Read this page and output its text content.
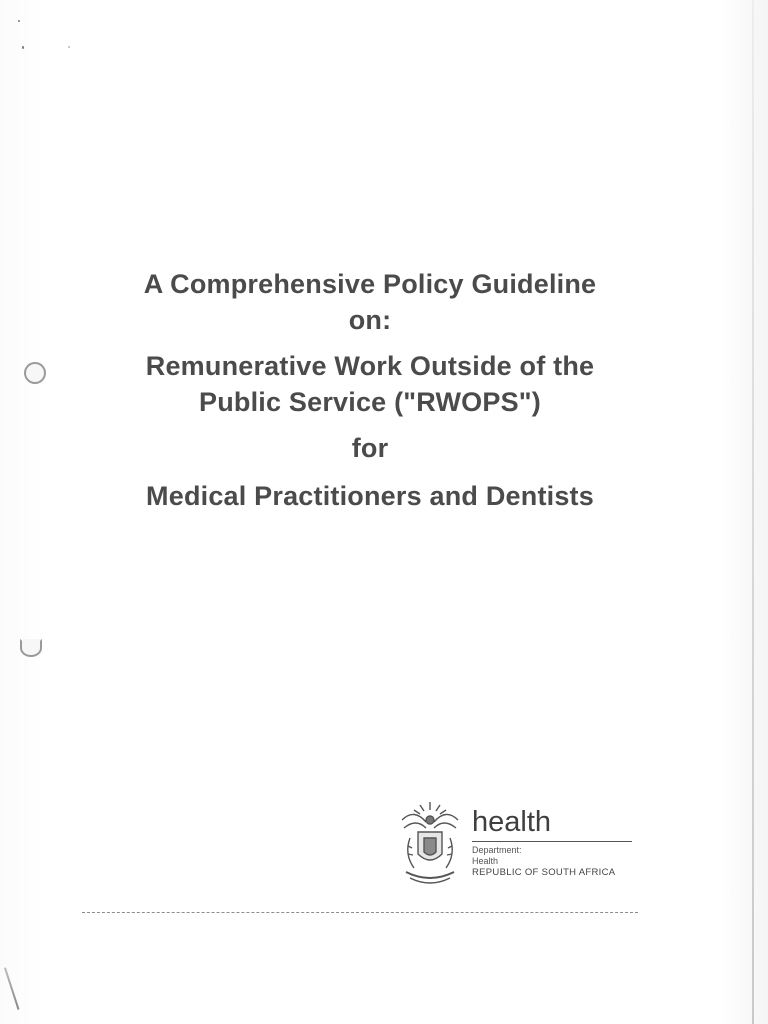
A Comprehensive Policy Guideline
on:
Remunerative Work Outside of the
Public Service ("RWOPS")
for
Medical Practitioners and Dentists
health
Department:
Health
REPUBLIC OF SOUTH AFRICA
